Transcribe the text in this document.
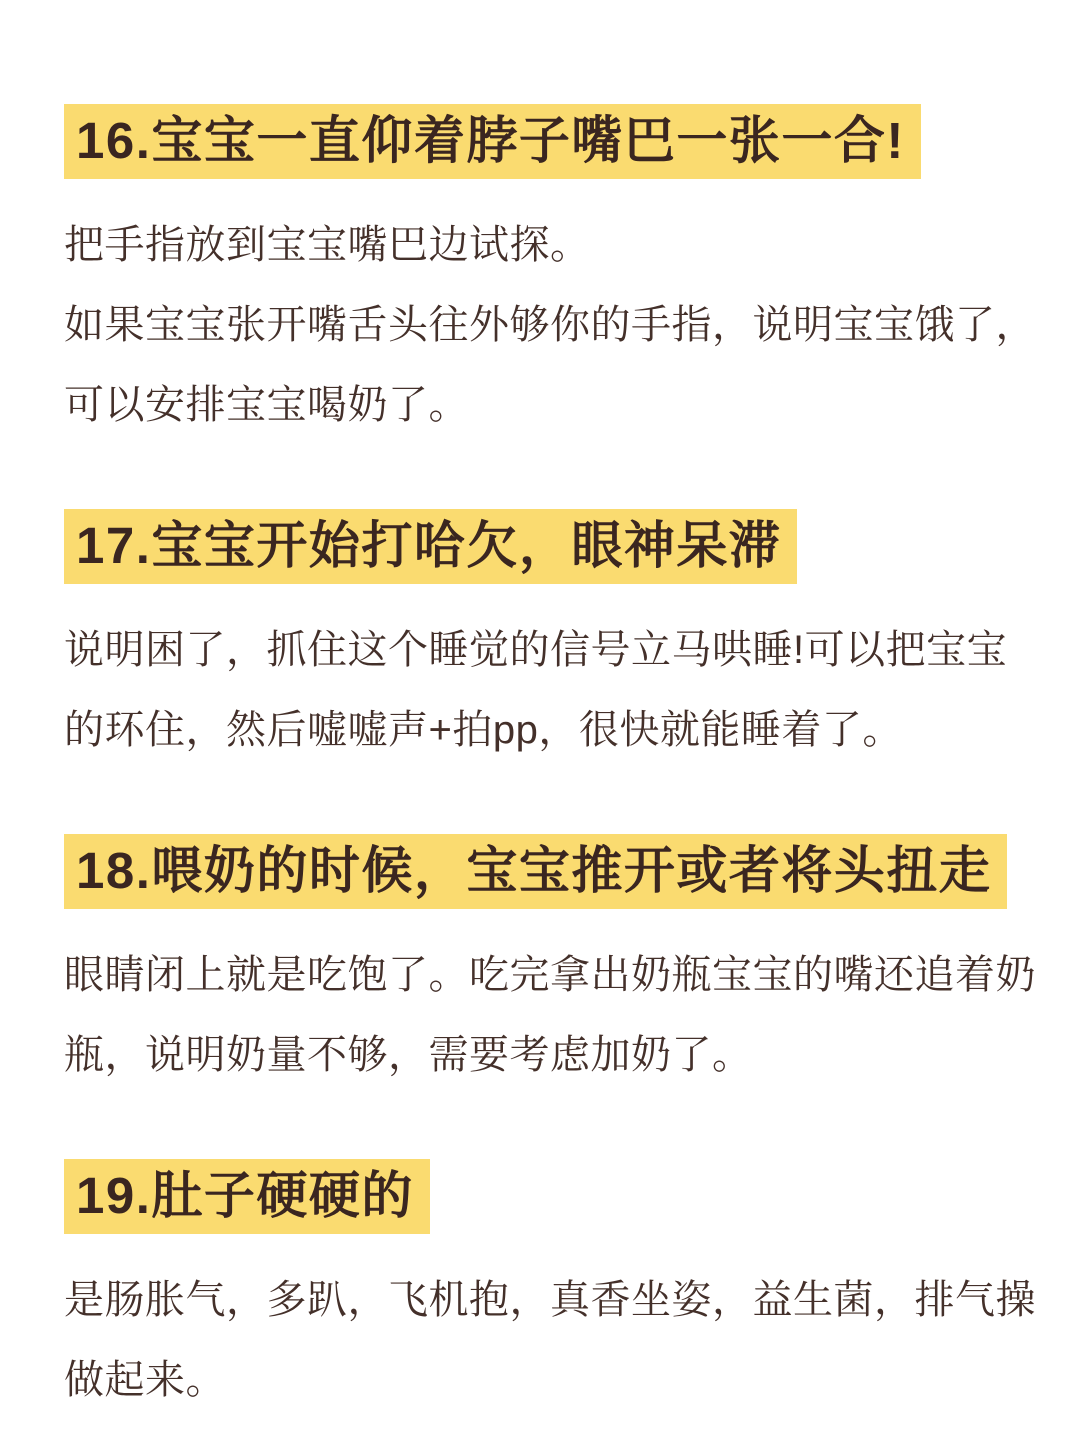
16.宝宝一直仰着脖子嘴巴一张一合!

把手指放到宝宝嘴巴边试探。

如果宝宝张开嘴舌头往外够你的手指，说明宝宝饿了，

可以安排宝宝喝奶了。

17.宝宝开始打哈欠，眼神呆滞

说明困了，抓住这个睡觉的信号立马哄睡!可以把宝宝

的环住，然后嘘嘘声+拍pp，很快就能睡着了。

18.喂奶的时候，宝宝推开或者将头扭走

眼睛闭上就是吃饱了。吃完拿出奶瓶宝宝的嘴还追着奶

瓶，说明奶量不够，需要考虑加奶了。

19.肚子硬硬的

是肠胀气，多趴，飞机抱，真香坐姿，益生菌，排气操

做起来。
